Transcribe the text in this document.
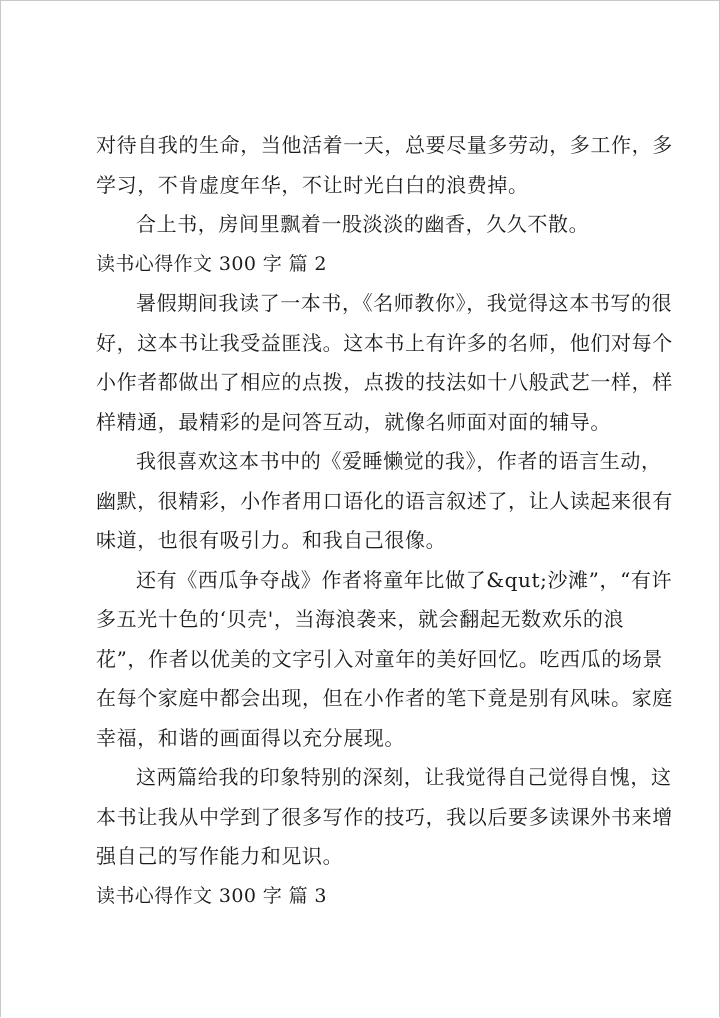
对待自我的生命，当他活着一天，总要尽量多劳动，多工作，多
学习，不肯虚度年华，不让时光白白的浪费掉。
合上书，房间里飘着一股淡淡的幽香，久久不散。
读书心得作文 300 字 篇 2
暑假期间我读了一本书，《名师教你》，我觉得这本书写的很
好，这本书让我受益匪浅。这本书上有许多的名师，他们对每个
小作者都做出了相应的点拨，点拨的技法如十八般武艺一样，样
样精通，最精彩的是问答互动，就像名师面对面的辅导。
我很喜欢这本书中的《爱睡懒觉的我》，作者的语言生动，
幽默，很精彩，小作者用口语化的语言叙述了，让人读起来很有
味道，也很有吸引力。和我自己很像。
还有《西瓜争夺战》作者将童年比做了&qut;沙滩”，“有许
多五光十色的‘贝壳'，当海浪袭来，就会翻起无数欢乐的浪
花”，作者以优美的文字引入对童年的美好回忆。吃西瓜的场景
在每个家庭中都会出现，但在小作者的笔下竟是别有风味。家庭
幸福，和谐的画面得以充分展现。
这两篇给我的印象特别的深刻，让我觉得自己觉得自愧，这
本书让我从中学到了很多写作的技巧，我以后要多读课外书来增
强自己的写作能力和见识。
读书心得作文 300 字 篇 3
